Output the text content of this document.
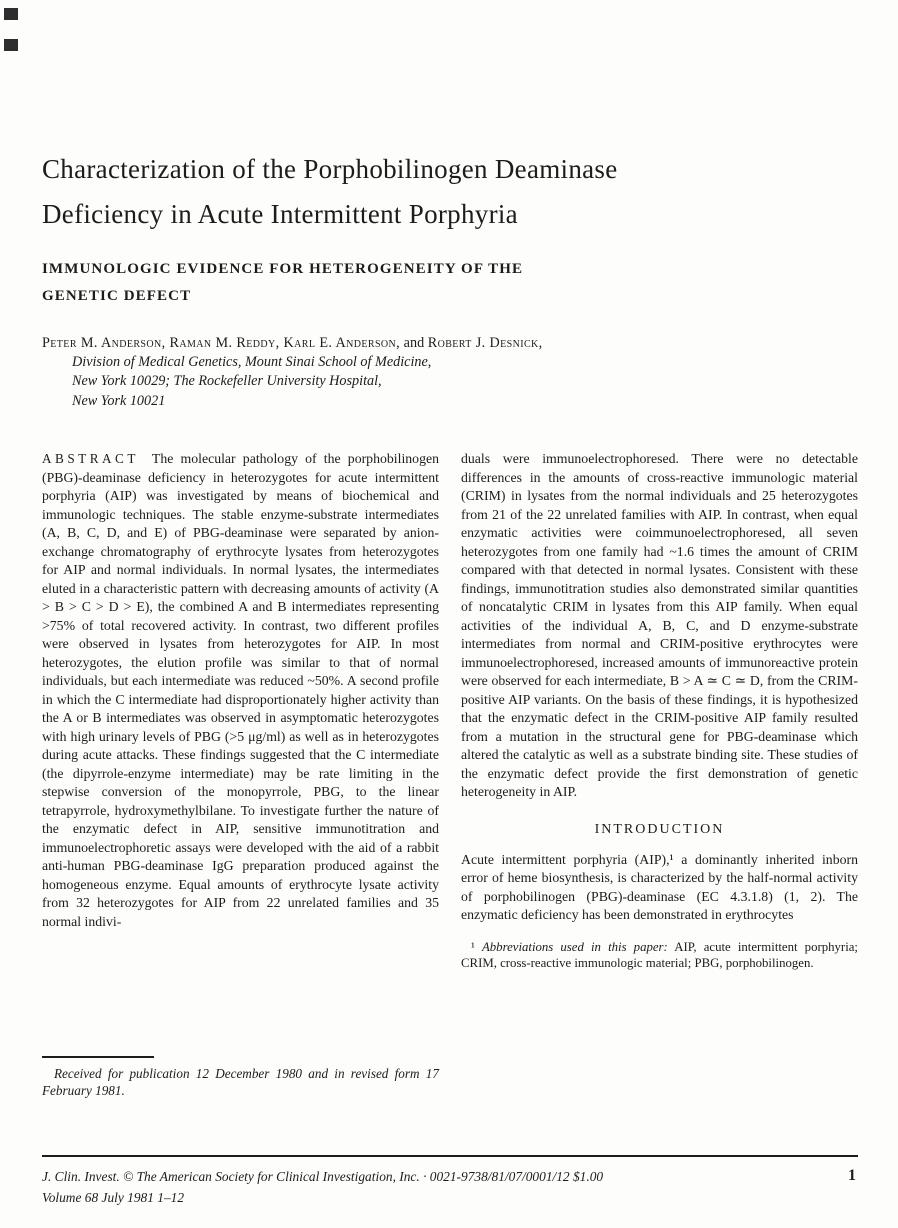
Characterization of the Porphobilinogen Deaminase
Deficiency in Acute Intermittent Porphyria
IMMUNOLOGIC EVIDENCE FOR HETEROGENEITY OF THE
GENETIC DEFECT

Peter M. Anderson, Raman M. Reddy, Karl E. Anderson, and Robert J. Desnick,

Division of Medical Genetics, Mount Sinai School of Medicine,

New York 10029; The Rockefeller University Hospital,

New York 10021

ABSTRACT The molecular pathology of the porphobilinogen (PBG)-deaminase deficiency in heterozygotes for acute intermittent porphyria (AIP) was investigated by means of biochemical and immunologic techniques. The stable enzyme-substrate intermediates (A, B, C, D, and E) of PBG-deaminase were separated by anion-exchange chromatography of erythrocyte lysates from heterozygotes for AIP and normal individuals. In normal lysates, the intermediates eluted in a characteristic pattern with decreasing amounts of activity (A > B > C > D > E), the combined A and B intermediates representing >75% of total recovered activity. In contrast, two different profiles were observed in lysates from heterozygotes for AIP. In most heterozygotes, the elution profile was similar to that of normal individuals, but each intermediate was reduced ~50%. A second profile in which the C intermediate had disproportionately higher activity than the A or B intermediates was observed in asymptomatic heterozygotes with high urinary levels of PBG (>5 μg/ml) as well as in heterozygotes during acute attacks. These findings suggested that the C intermediate (the dipyrrole-enzyme intermediate) may be rate limiting in the stepwise conversion of the monopyrrole, PBG, to the linear tetrapyrrole, hydroxymethylbilane. To investigate further the nature of the enzymatic defect in AIP, sensitive immunotitration and immunoelectrophoretic assays were developed with the aid of a rabbit anti-human PBG-deaminase IgG preparation produced against the homogeneous enzyme. Equal amounts of erythrocyte lysate activity from 32 heterozygotes for AIP from 22 unrelated families and 35 normal indivi-

Received for publication 12 December 1980 and in revised form 17 February 1981.

duals were immunoelectrophoresed. There were no detectable differences in the amounts of cross-reactive immunologic material (CRIM) in lysates from the normal individuals and 25 heterozygotes from 21 of the 22 unrelated families with AIP. In contrast, when equal enzymatic activities were coimmunoelectrophoresed, all seven heterozygotes from one family had ~1.6 times the amount of CRIM compared with that detected in normal lysates. Consistent with these findings, immunotitration studies also demonstrated similar quantities of noncatalytic CRIM in lysates from this AIP family. When equal activities of the individual A, B, C, and D enzyme-substrate intermediates from normal and CRIM-positive erythrocytes were immunoelectrophoresed, increased amounts of immunoreactive protein were observed for each intermediate, B > A ≃ C ≃ D, from the CRIM-positive AIP variants. On the basis of these findings, it is hypothesized that the enzymatic defect in the CRIM-positive AIP family resulted from a mutation in the structural gene for PBG-deaminase which altered the catalytic as well as a substrate binding site. These studies of the enzymatic defect provide the first demonstration of genetic heterogeneity in AIP.

INTRODUCTION

Acute intermittent porphyria (AIP),¹ a dominantly inherited inborn error of heme biosynthesis, is characterized by the half-normal activity of porphobilinogen (PBG)-deaminase (EC 4.3.1.8) (1, 2). The enzymatic deficiency has been demonstrated in erythrocytes

¹ Abbreviations used in this paper: AIP, acute intermittent porphyria; CRIM, cross-reactive immunologic material; PBG, porphobilinogen.

J. Clin. Invest. © The American Society for Clinical Investigation, Inc. · 0021-9738/81/07/0001/12 $1.00

Volume 68 July 1981 1–12

1
